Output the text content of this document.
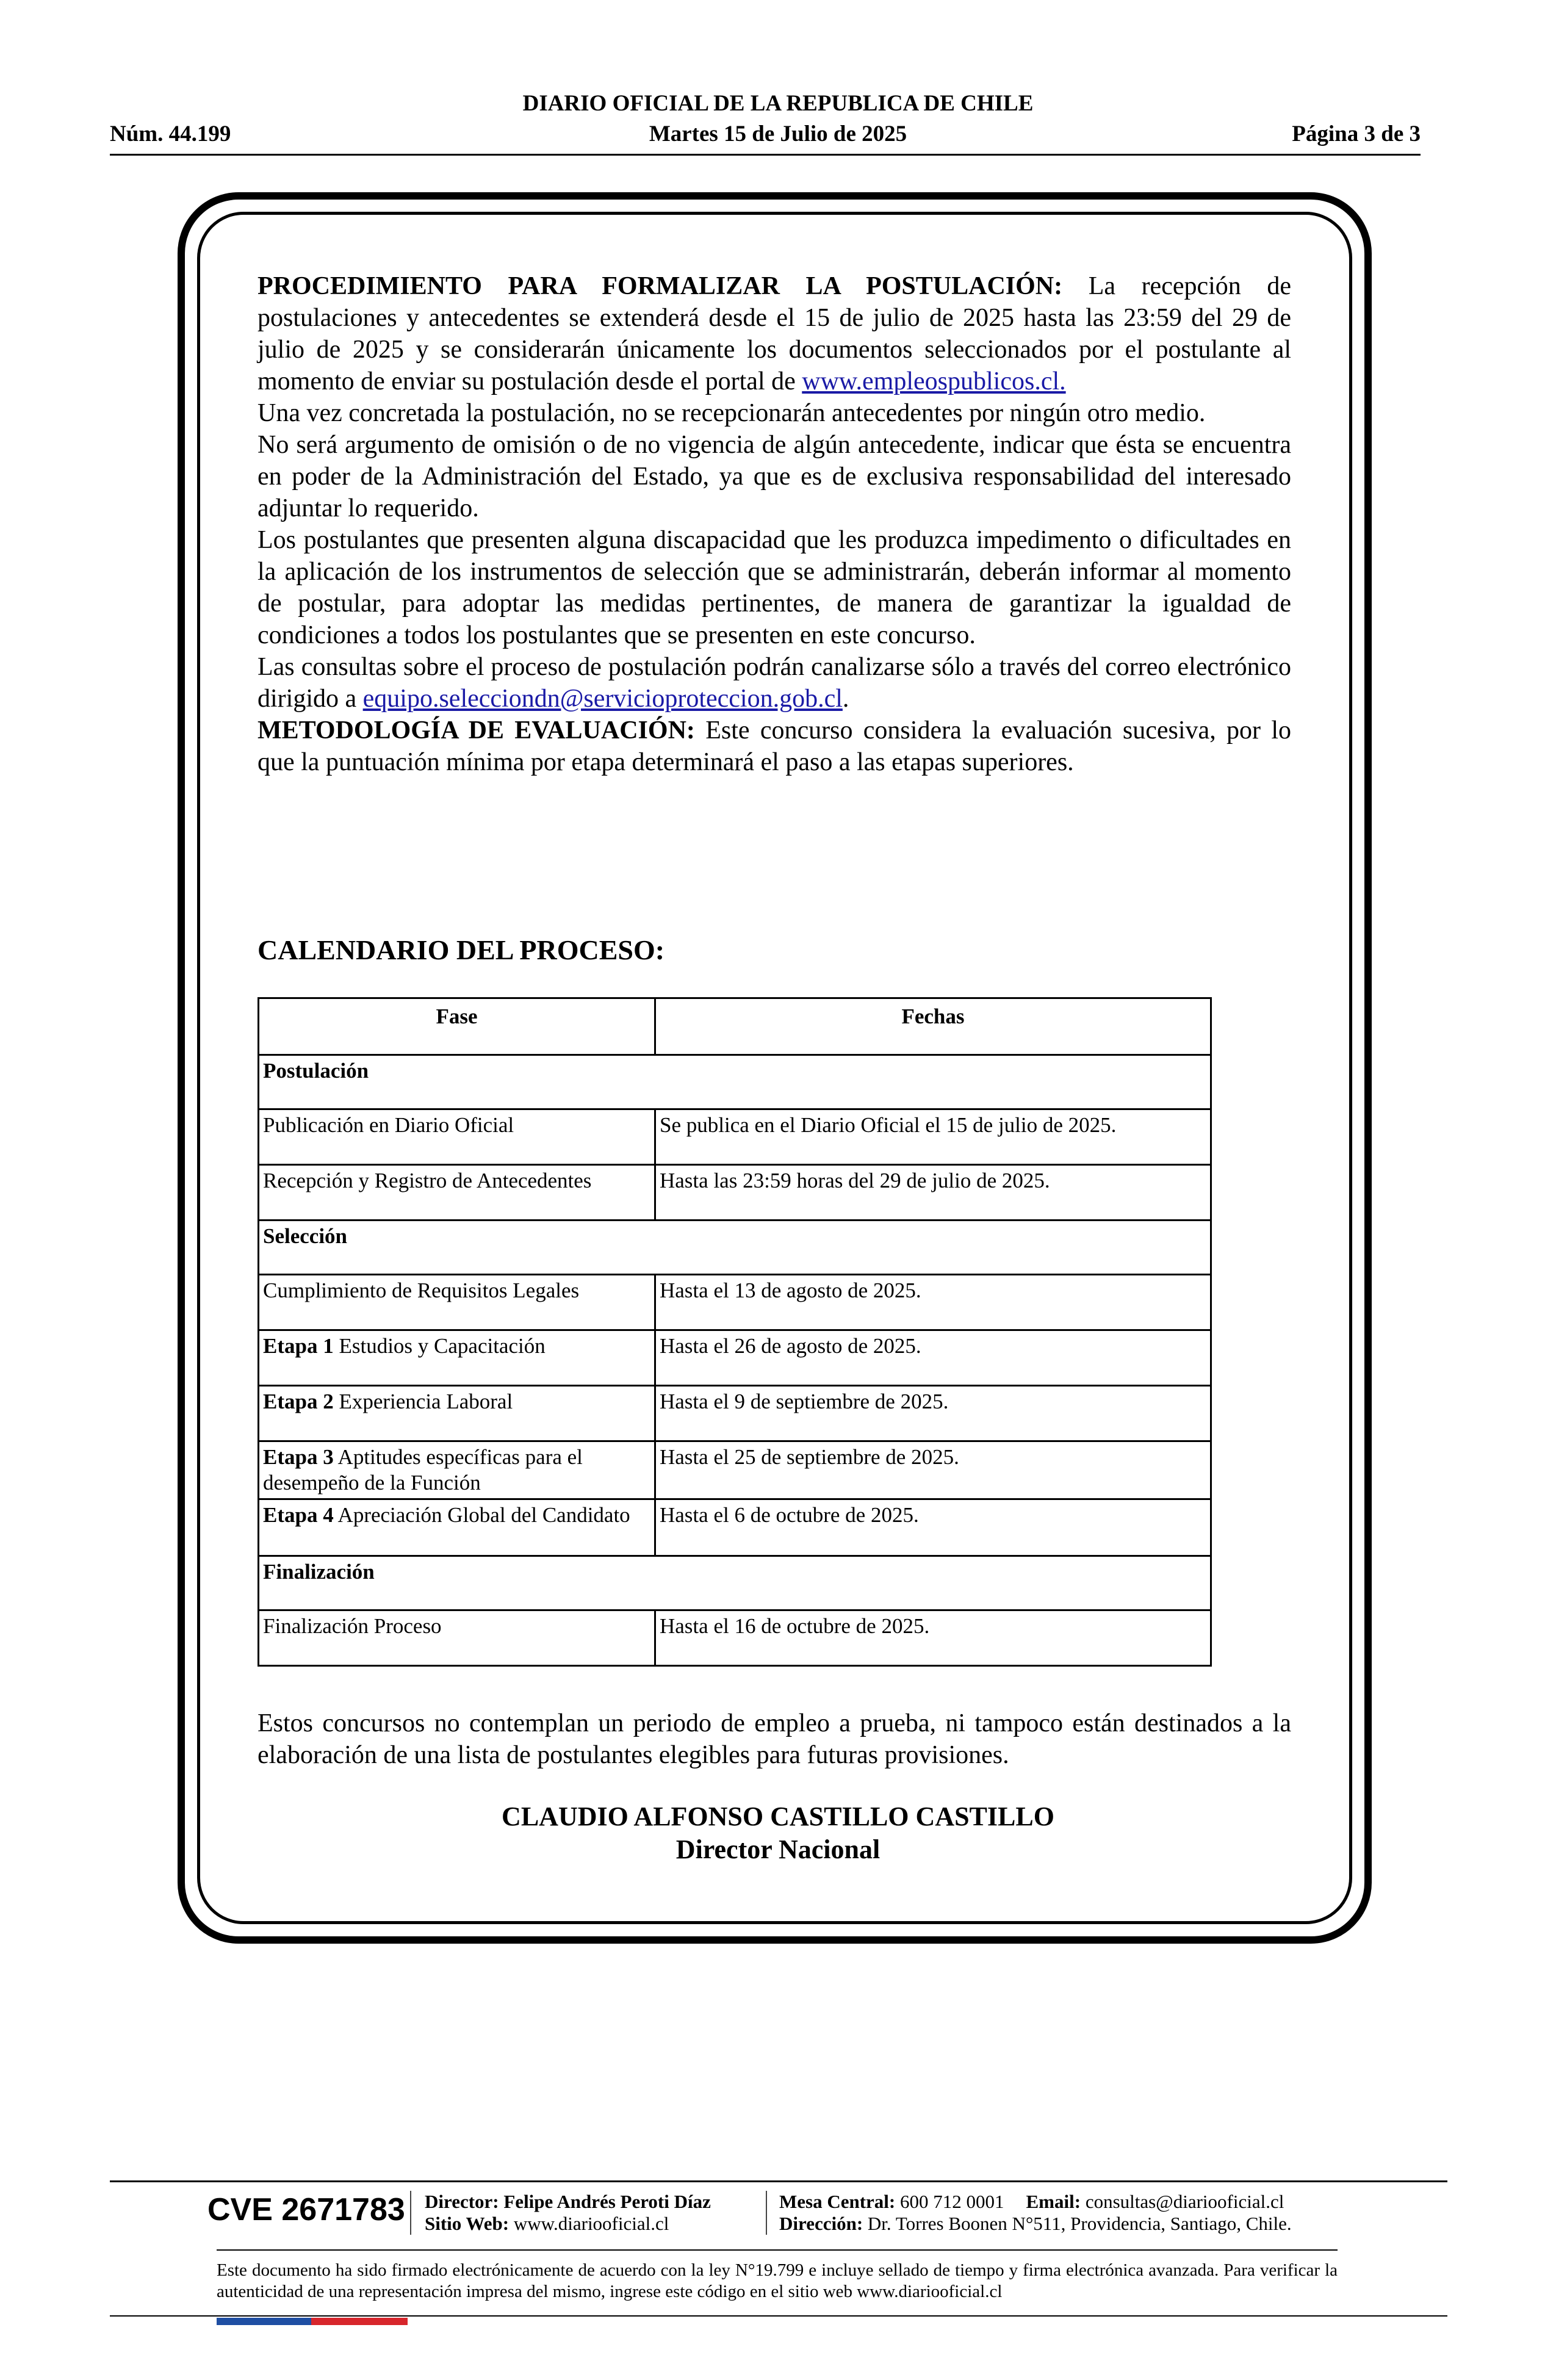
DIARIO OFICIAL DE LA REPUBLICA DE CHILE
Núm. 44.199	Martes 15 de Julio de 2025	Página 3 de 3

PROCEDIMIENTO PARA FORMALIZAR LA POSTULACIÓN: La recepción de postulaciones y antecedentes se extenderá desde el 15 de julio de 2025 hasta las 23:59 del 29 de julio de 2025 y se considerarán únicamente los documentos seleccionados por el postulante al momento de enviar su postulación desde el portal de www.empleospublicos.cl.

Una vez concretada la postulación, no se recepcionarán antecedentes por ningún otro medio.

No será argumento de omisión o de no vigencia de algún antecedente, indicar que ésta se encuentra en poder de la Administración del Estado, ya que es de exclusiva responsabilidad del interesado adjuntar lo requerido.

Los postulantes que presenten alguna discapacidad que les produzca impedimento o dificultades en la aplicación de los instrumentos de selección que se administrarán, deberán informar al momento de postular, para adoptar las medidas pertinentes, de manera de garantizar la igualdad de condiciones a todos los postulantes que se presenten en este concurso.

Las consultas sobre el proceso de postulación podrán canalizarse sólo a través del correo electrónico dirigido a equipo.selecciondn@servicioproteccion.gob.cl.

METODOLOGÍA DE EVALUACIÓN: Este concurso considera la evaluación sucesiva, por lo que la puntuación mínima por etapa determinará el paso a las etapas superiores.

CALENDARIO DEL PROCESO:
Fase	Fechas
Postulación	
Publicación en Diario Oficial	Se publica en el Diario Oficial el 15 de julio de 2025.
Recepción y Registro de Antecedentes	Hasta las 23:59 horas del 29 de julio de 2025.
Selección	
Cumplimiento de Requisitos Legales	Hasta el 13 de agosto de 2025.
Etapa 1 Estudios y Capacitación	Hasta el 26 de agosto de 2025.
Etapa 2 Experiencia Laboral	Hasta el 9 de septiembre de 2025.
Etapa 3 Aptitudes específicas para el desempeño de la Función	Hasta el 25 de septiembre de 2025.
Etapa 4 Apreciación Global del Candidato	Hasta el 6 de octubre de 2025.
Finalización	
Finalización Proceso	Hasta el 16 de octubre de 2025.

Estos concursos no contemplan un periodo de empleo a prueba, ni tampoco están destinados a la elaboración de una lista de postulantes elegibles para futuras provisiones.

CLAUDIO ALFONSO CASTILLO CASTILLO
Director Nacional
CVE 2671783 Director: Felipe Andrés Peroti Díaz
Sitio Web: www.diariooficial.cl
Mesa Central: 600 712 0001 Email: consultas@diariooficial.cl
Dirección: Dr. Torres Boonen N°511, Providencia, Santiago, Chile.

Este documento ha sido firmado electrónicamente de acuerdo con la ley N°19.799 e incluye sellado de tiempo y firma electrónica avanzada. Para verificar la autenticidad de una representación impresa del mismo, ingrese este código en el sitio web www.diariooficial.cl
